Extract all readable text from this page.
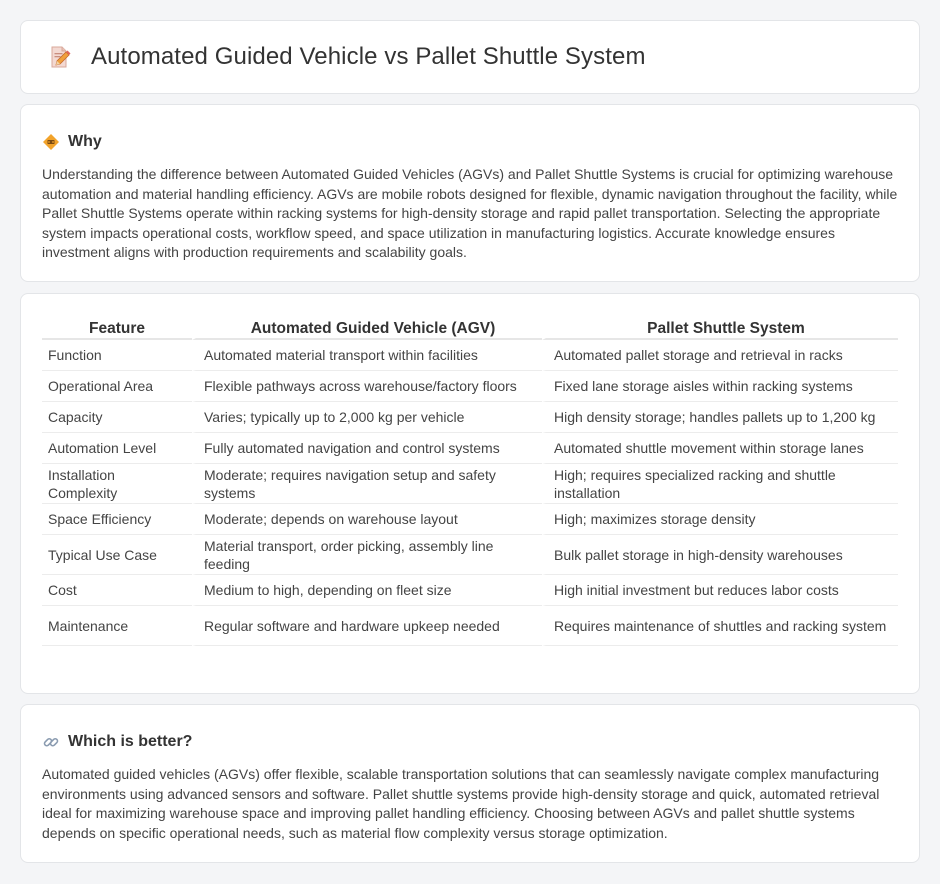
Automated Guided Vehicle vs Pallet Shuttle System
Why

Understanding the difference between Automated Guided Vehicles (AGVs) and Pallet Shuttle Systems is crucial for optimizing warehouse automation and material handling efficiency. AGVs are mobile robots designed for flexible, dynamic navigation throughout the facility, while Pallet Shuttle Systems operate within racking systems for high-density storage and rapid pallet transportation. Selecting the appropriate system impacts operational costs, workflow speed, and space utilization in manufacturing logistics. Accurate knowledge ensures investment aligns with production requirements and scalability goals.

Feature	Automated Guided Vehicle (AGV)	Pallet Shuttle System
Function	Automated material transport within facilities	Automated pallet storage and retrieval in racks
Operational Area	Flexible pathways across warehouse/factory floors	Fixed lane storage aisles within racking systems
Capacity	Varies; typically up to 2,000 kg per vehicle	High density storage; handles pallets up to 1,200 kg
Automation Level	Fully automated navigation and control systems	Automated shuttle movement within storage lanes
Installation Complexity	Moderate; requires navigation setup and safety systems	High; requires specialized racking and shuttle installation
Space Efficiency	Moderate; depends on warehouse layout	High; maximizes storage density
Typical Use Case	Material transport, order picking, assembly line feeding	Bulk pallet storage in high-density warehouses
Cost	Medium to high, depending on fleet size	High initial investment but reduces labor costs
Maintenance	Regular software and hardware upkeep needed	Requires maintenance of shuttles and racking system
Which is better?

Automated guided vehicles (AGVs) offer flexible, scalable transportation solutions that can seamlessly navigate complex manufacturing environments using advanced sensors and software. Pallet shuttle systems provide high-density storage and quick, automated retrieval ideal for maximizing warehouse space and improving pallet handling efficiency. Choosing between AGVs and pallet shuttle systems depends on specific operational needs, such as material flow complexity versus storage optimization.
